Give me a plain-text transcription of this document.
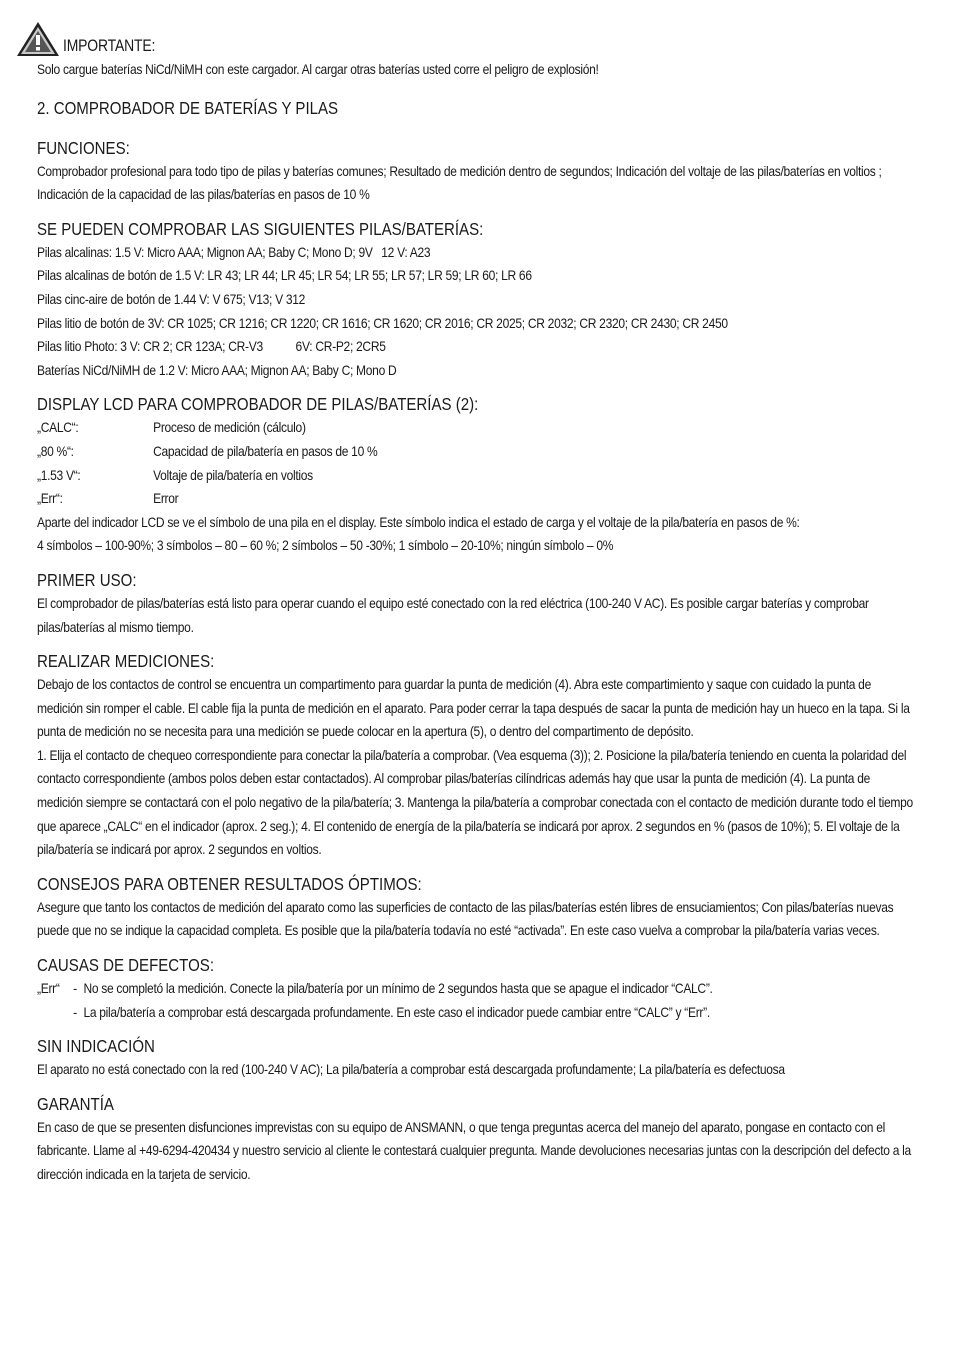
IMPORTANTE:

Solo cargue baterías NiCd/NiMH con este cargador. Al cargar otras baterías usted corre el peligro de explosión!

2. COMPROBADOR DE BATERÍAS Y PILAS
FUNCIONES:

Comprobador profesional para todo tipo de pilas y baterías comunes; Resultado de medición dentro de segundos; Indicación del voltaje de las pilas/baterías en voltios ; Indicación de la capacidad de las pilas/baterías en pasos de 10 %

SE PUEDEN COMPROBAR LAS SIGUIENTES PILAS/BATERÍAS:
Pilas alcalinas: 1.5 V: Micro AAA; Mignon AA; Baby C; Mono D; 9V 12 V: A23
Pilas alcalinas de botón de 1.5 V: LR 43; LR 44; LR 45; LR 54; LR 55; LR 57; LR 59; LR 60; LR 66
Pilas cinc-aire de botón de 1.44 V: V 675; V13; V 312
Pilas litio de botón de 3V: CR 1025; CR 1216; CR 1220; CR 1616; CR 1620; CR 2016; CR 2025; CR 2032; CR 2320; CR 2430; CR 2450
Pilas litio Photo: 3 V: CR 2; CR 123A; CR-V3 6V: CR-P2; 2CR5
Baterías NiCd/NiMH de 1.2 V: Micro AAA; Mignon AA; Baby C; Mono D
DISPLAY LCD PARA COMPROBADOR DE PILAS/BATERÍAS (2):
„CALC“:	Proceso de medición (cálculo)
„80 %“:	Capacidad de pila/batería en pasos de 10 %
„1.53 V“:	Voltaje de pila/batería en voltios
„Err“:	Error

Aparte del indicador LCD se ve el símbolo de una pila en el display. Este símbolo indica el estado de carga y el voltaje de la pila/batería en pasos de %:

4 símbolos – 100-90%; 3 símbolos – 80 – 60 %; 2 símbolos – 50 -30%; 1 símbolo – 20-10%; ningún símbolo – 0%

PRIMER USO:

El comprobador de pilas/baterías está listo para operar cuando el equipo esté conectado con la red eléctrica (100-240 V AC). Es posible cargar baterías y comprobar pilas/baterías al mismo tiempo.

REALIZAR MEDICIONES:

Debajo de los contactos de control se encuentra un compartimento para guardar la punta de medición (4). Abra este compartimiento y saque con cuidado la punta de medición sin romper el cable. El cable fija la punta de medición en el aparato. Para poder cerrar la tapa después de sacar la punta de medición hay un hueco en la tapa. Si la punta de medición no se necesita para una medición se puede colocar en la apertura (5), o dentro del compartimento de depósito.

1. Elija el contacto de chequeo correspondiente para conectar la pila/batería a comprobar. (Vea esquema (3)); 2. Posicione la pila/batería teniendo en cuenta la polaridad del contacto correspondiente (ambos polos deben estar contactados). Al comprobar pilas/baterías cilíndricas además hay que usar la punta de medición (4). La punta de medición siempre se contactará con el polo negativo de la pila/batería; 3. Mantenga la pila/batería a comprobar conectada con el contacto de medición durante todo el tiempo que aparece „CALC“ en el indicador (aprox. 2 seg.); 4. El contenido de energía de la pila/batería se indicará por aprox. 2 segundos en % (pasos de 10%); 5. El voltaje de la pila/batería se indicará por aprox. 2 segundos en voltios.

CONSEJOS PARA OBTENER RESULTADOS ÓPTIMOS:

Asegure que tanto los contactos de medición del aparato como las superficies de contacto de las pilas/baterías estén libres de ensuciamientos; Con pilas/baterías nuevas puede que no se indique la capacidad completa. Es posible que la pila/batería todavía no esté “activada”. En este caso vuelva a comprobar la pila/batería varias veces.

CAUSAS DE DEFECTOS:
„Err“ - No se completó la medición. Conecte la pila/batería por un mínimo de 2 segundos hasta que se apague el indicador “CALC”.
- La pila/batería a comprobar está descargada profundamente. En este caso el indicador puede cambiar entre “CALC” y “Err”.
SIN INDICACIÓN

El aparato no está conectado con la red (100-240 V AC); La pila/batería a comprobar está descargada profundamente; La pila/batería es defectuosa

GARANTÍA

En caso de que se presenten disfunciones imprevistas con su equipo de ANSMANN, o que tenga preguntas acerca del manejo del aparato, pongase en contacto con el fabricante. Llame al +49-6294-420434 y nuestro servicio al cliente le contestará cualquier pregunta. Mande devoluciones necesarias juntas con la descripción del defecto a la dirección indicada en la tarjeta de servicio.
